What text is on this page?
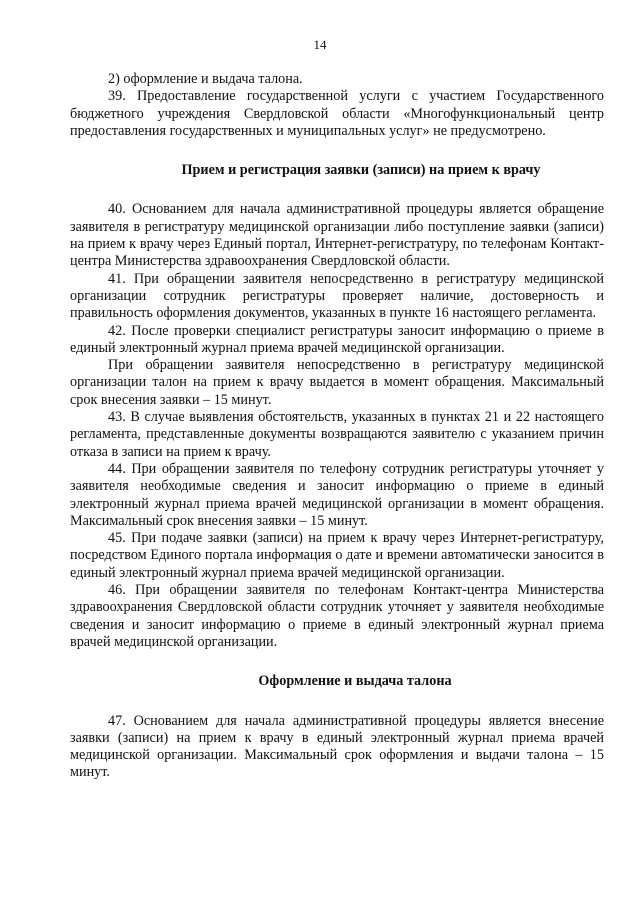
14

2) оформление и выдача талона.

39. Предоставление государственной услуги с участием Государственного бюджетного учреждения Свердловской области «Многофункциональный центр предоставления государственных и муниципальных услуг» не предусмотрено.

Прием и регистрация заявки (записи) на прием к врачу

40. Основанием для начала административной процедуры является обращение заявителя в регистратуру медицинской организации либо поступление заявки (записи) на прием к врачу через Единый портал, Интернет-регистратуру, по телефонам Контакт-центра Министерства здравоохранения Свердловской области.

41. При обращении заявителя непосредственно в регистратуру медицинской организации сотрудник регистратуры проверяет наличие, достоверность и правильность оформления документов, указанных в пункте 16 настоящего регламента.

42. После проверки специалист регистратуры заносит информацию о приеме в единый электронный журнал приема врачей медицинской организации.

При обращении заявителя непосредственно в регистратуру медицинской организации талон на прием к врачу выдается в момент обращения. Максимальный срок внесения заявки – 15 минут.

43. В случае выявления обстоятельств, указанных в пунктах 21 и 22 настоящего регламента, представленные документы возвращаются заявителю с указанием причин отказа в записи на прием к врачу.

44. При обращении заявителя по телефону сотрудник регистратуры уточняет у заявителя необходимые сведения и заносит информацию о приеме в единый электронный журнал приема врачей медицинской организации в момент обращения. Максимальный срок внесения заявки – 15 минут.

45. При подаче заявки (записи) на прием к врачу через Интернет-регистратуру, посредством Единого портала информация о дате и времени автоматически заносится в единый электронный журнал приема врачей медицинской организации.

46. При обращении заявителя по телефонам Контакт-центра Министерства здравоохранения Свердловской области сотрудник уточняет у заявителя необходимые сведения и заносит информацию о приеме в единый электронный журнал приема врачей медицинской организации.

Оформление и выдача талона

47. Основанием для начала административной процедуры является внесение заявки (записи) на прием к врачу в единый электронный журнал приема врачей медицинской организации. Максимальный срок оформления и выдачи талона – 15 минут.
